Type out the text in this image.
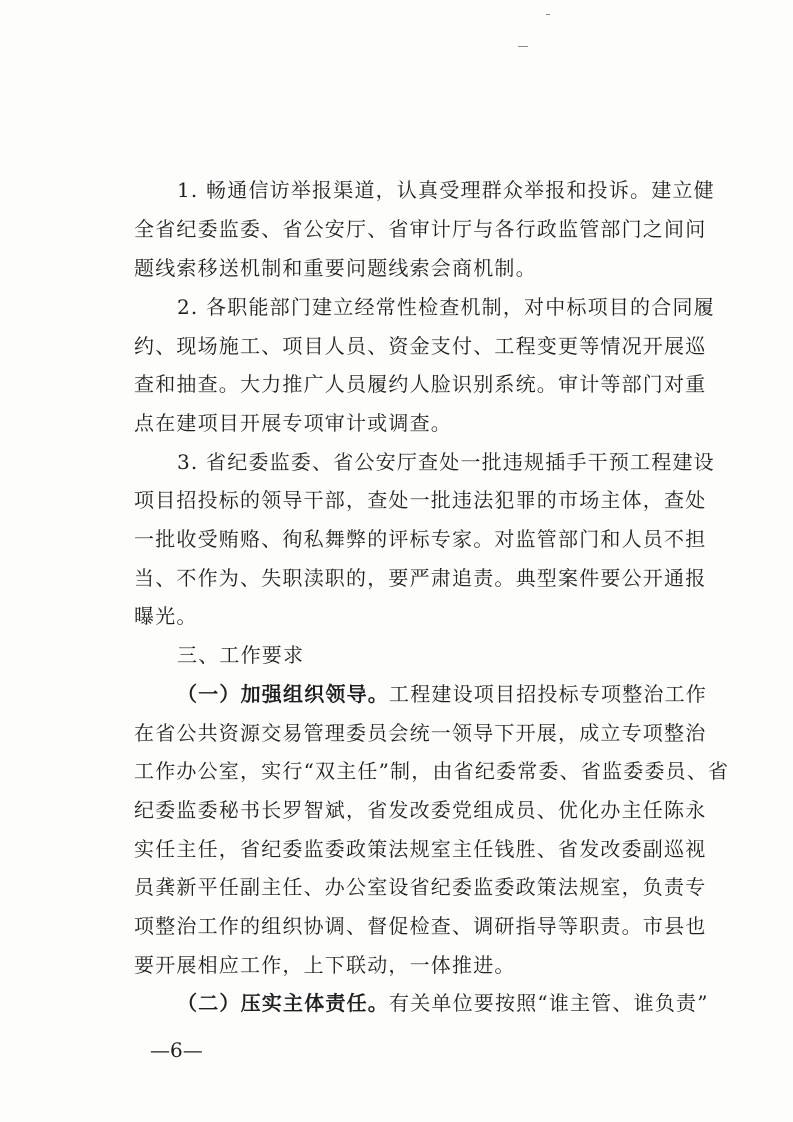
1. 畅通信访举报渠道，认真受理群众举报和投诉。建立健
全省纪委监委、省公安厅、省审计厅与各行政监管部门之间问
题线索移送机制和重要问题线索会商机制。
2. 各职能部门建立经常性检查机制，对中标项目的合同履
约、现场施工、项目人员、资金支付、工程变更等情况开展巡
查和抽查。大力推广人员履约人脸识别系统。审计等部门对重
点在建项目开展专项审计或调查。
3. 省纪委监委、省公安厅查处一批违规插手干预工程建设
项目招投标的领导干部，查处一批违法犯罪的市场主体，查处
一批收受贿赂、徇私舞弊的评标专家。对监管部门和人员不担
当、不作为、失职渎职的，要严肃追责。典型案件要公开通报
曝光。
三、工作要求
（一）加强组织领导。 工程建设项目招投标专项整治工作
在省公共资源交易管理委员会统一领导下开展，成立专项整治
工作办公室，实行“双主任”制，由省纪委常委、省监委委员、省
纪委监委秘书长罗智斌，省发改委党组成员、优化办主任陈永
实任主任，省纪委监委政策法规室主任钱胜、省发改委副巡视
员龚新平任副主任、办公室设省纪委监委政策法规室，负责专
项整治工作的组织协调、督促检查、调研指导等职责。市县也
要开展相应工作，上下联动，一体推进。
（二）压实主体责任。 有关单位要按照“谁主管、谁负责”
—6—
